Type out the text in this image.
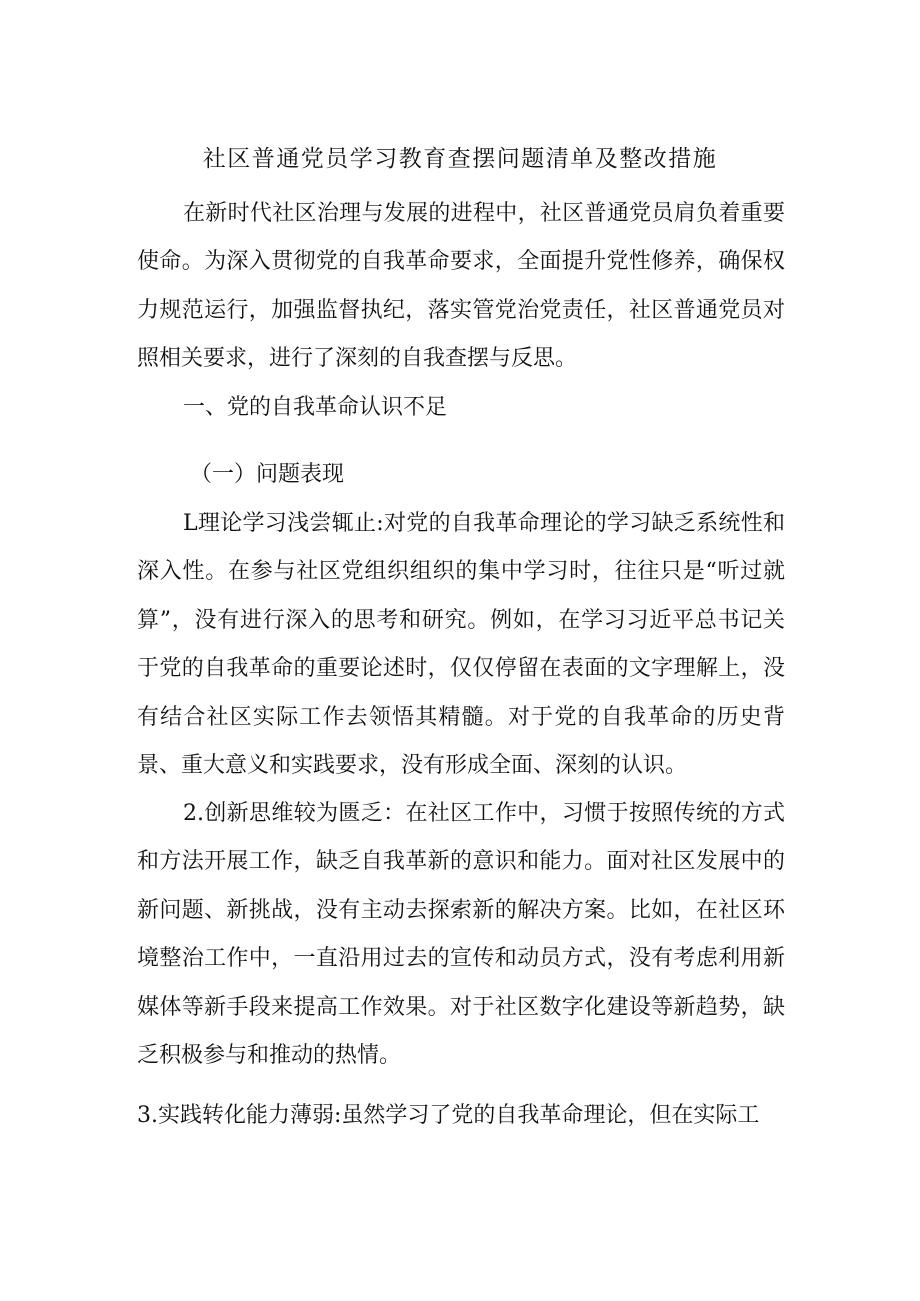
社区普通党员学习教育查摆问题清单及整改措施

在新时代社区治理与发展的进程中，社区普通党员肩负着重要使命。为深入贯彻党的自我革命要求，全面提升党性修养，确保权力规范运行，加强监督执纪，落实管党治党责任，社区普通党员对照相关要求，进行了深刻的自我查摆与反思。

一、党的自我革命认识不足
（一）问题表现

L理论学习浅尝辄止:对党的自我革命理论的学习缺乏系统性和深入性。在参与社区党组织组织的集中学习时，往往只是“听过就算”，没有进行深入的思考和研究。例如，在学习习近平总书记关于党的自我革命的重要论述时，仅仅停留在表面的文字理解上，没有结合社区实际工作去领悟其精髓。对于党的自我革命的历史背景、重大意义和实践要求，没有形成全面、深刻的认识。

2.创新思维较为匮乏：在社区工作中，习惯于按照传统的方式和方法开展工作，缺乏自我革新的意识和能力。面对社区发展中的新问题、新挑战，没有主动去探索新的解决方案。比如，在社区环境整治工作中，一直沿用过去的宣传和动员方式，没有考虑利用新媒体等新手段来提高工作效果。对于社区数字化建设等新趋势，缺乏积极参与和推动的热情。

3.实践转化能力薄弱:虽然学习了党的自我革命理论，但在实际工
